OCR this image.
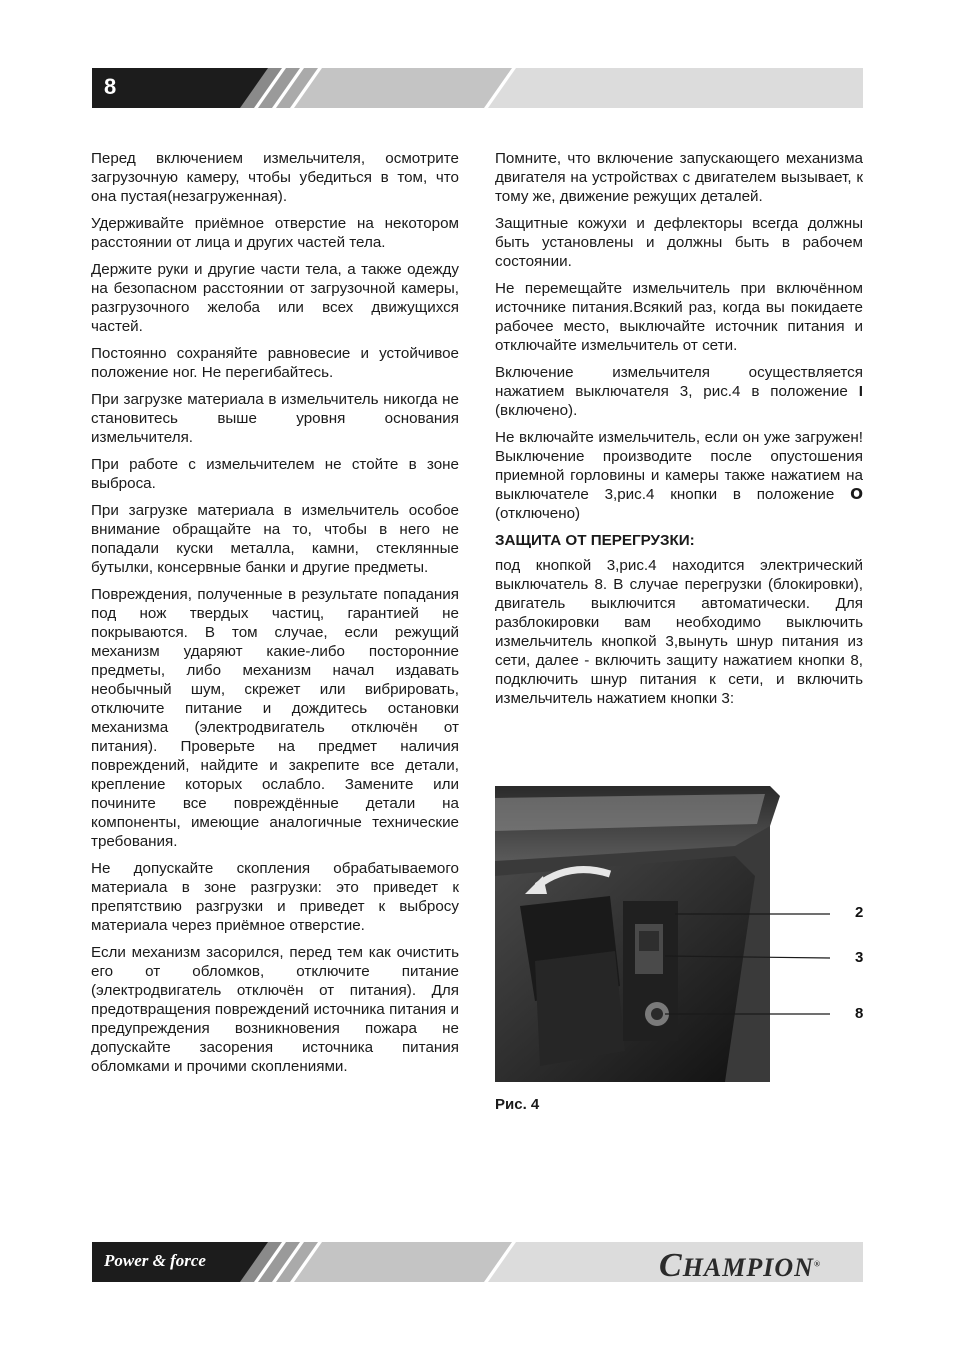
8

Перед включением измельчителя, осмотрите загрузочную камеру, чтобы убедиться в том, что она пустая(незагруженная).

Удерживайте приёмное отверстие на некотором расстоянии от лица и других частей тела.

Держите руки и другие части тела, а также одежду на безопасном расстоянии от загрузочной камеры, разгрузочного желоба или всех движущихся частей.

Постоянно сохраняйте равновесие и устойчивое положение ног. Не перегибайтесь.

При загрузке материала в измельчитель никогда не становитесь выше уровня основания измельчителя.

При работе с измельчителем не стойте в зоне выброса.

При загрузке материала в измельчитель особое внимание обращайте на то, чтобы в него не попадали куски металла, камни, стеклянные бутылки, консервные банки и другие предметы.

Повреждения, полученные в результате попадания под нож твердых частиц, гарантией не покрываются. В том случае, если режущий механизм ударяют какие-либо посторонние предметы, либо механизм начал издавать необычный шум, скрежет или вибрировать, отключите питание и дождитесь остановки механизма (электродвигатель отключён от питания). Проверьте на предмет наличия повреждений, найдите и закрепите все детали, крепление которых ослабло. Замените или почините все повреждённые детали на компоненты, имеющие аналогичные технические требования.

Не допускайте скопления обрабатываемого материала в зоне разгрузки: это приведет к препятствию разгрузки и приведет к выбросу материала через приёмное отверстие.

Если механизм засорился, перед тем как очистить его от обломков, отключите питание (электродвигатель отключён от питания). Для предотвращения повреждений источника питания и предупреждения возникновения пожара не допускайте засорения источника питания обломками и прочими скоплениями.

Помните, что включение запускающего механизма двигателя на устройствах с двигателем вызывает, к тому же, движение режущих деталей.

Защитные кожухи и дефлекторы всегда должны быть установлены и должны быть в рабочем состоянии.

Не перемещайте измельчитель при включённом источнике питания.Всякий раз, когда вы покидаете рабочее место, выключайте источник питания и отключайте измельчитель от сети.

Включение измельчителя осуществляется нажатием выключателя 3, рис.4 в положение I (включено).

Не включайте измельчитель, если он уже загружен! Выключение производите после опустошения приемной горловины и камеры также нажатием на выключателе 3,рис.4 кнопки в положение O (отключено)

ЗАЩИТА ОТ ПЕРЕГРУЗКИ:

под кнопкой 3,рис.4 находится электрический выключатель 8. В случае перегрузки (блокировки), двигатель выключится автоматически. Для разблокировки вам необходимо выключить измельчитель кнопкой 3,вынуть шнур питания из сети, далее - включить защиту нажатием кнопки 8, подключить шнур питания к сети, и включить измельчитель нажатием кнопки 3:

2
3
8
Рис. 4
Power & force	CHAMPION®
